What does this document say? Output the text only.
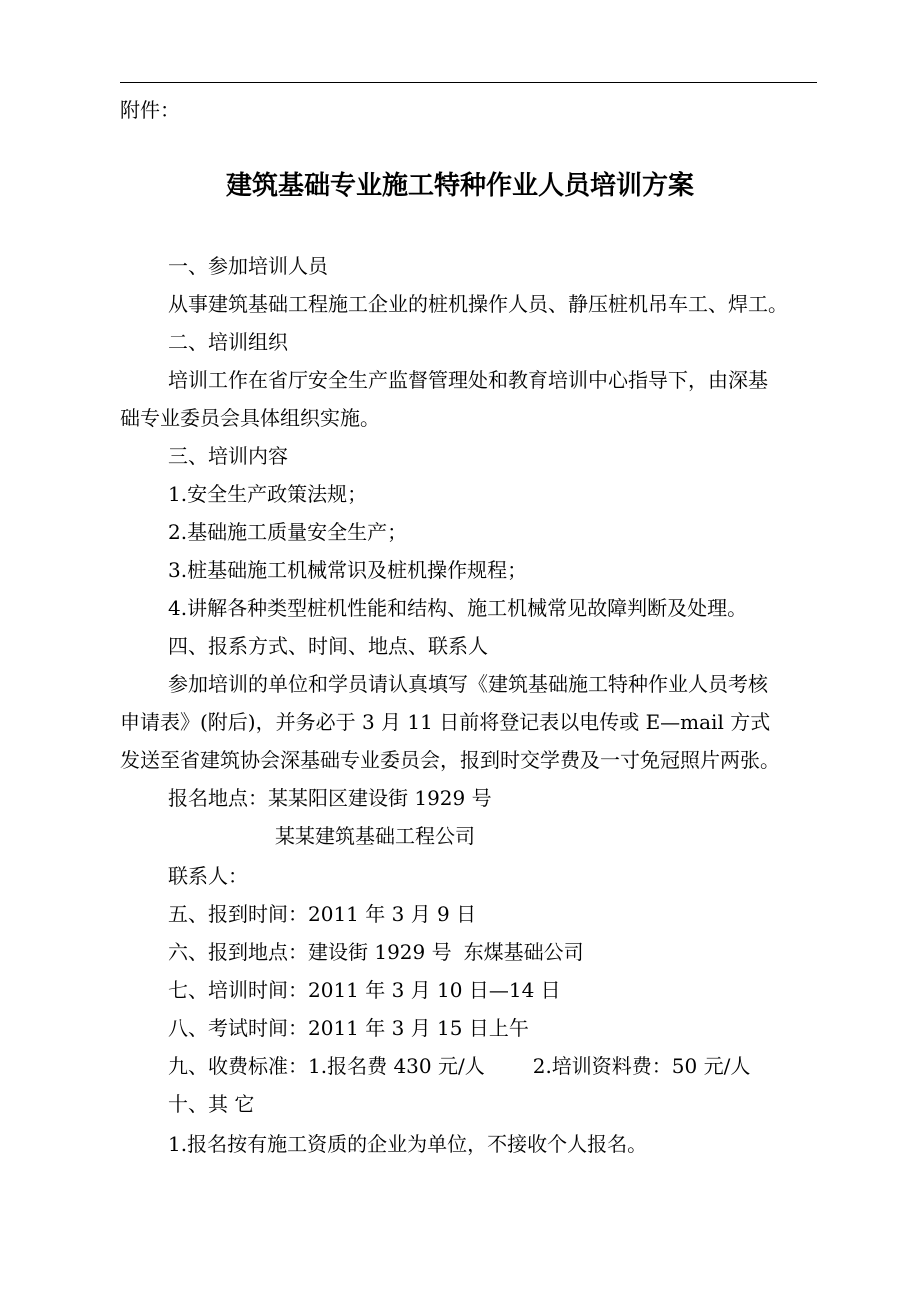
附件：
建筑基础专业施工特种作业人员培训方案
一、参加培训人员
从事建筑基础工程施工企业的桩机操作人员、静压桩机吊车工、焊工。
二、培训组织
培训工作在省厅安全生产监督管理处和教育培训中心指导下，由深基
础专业委员会具体组织实施。
三、培训内容
1.安全生产政策法规；
2.基础施工质量安全生产；
3.桩基础施工机械常识及桩机操作规程；
4.讲解各种类型桩机性能和结构、施工机械常见故障判断及处理。
四、报系方式、时间、地点、联系人
参加培训的单位和学员请认真填写《建筑基础施工特种作业人员考核
申请表》(附后)，并务必于 3 月 11 日前将登记表以电传或 E—mail 方式
发送至省建筑协会深基础专业委员会，报到时交学费及一寸免冠照片两张。
报名地点：某某阳区建设街 1929 号
某某建筑基础工程公司
联系人：
五、报到时间：2011 年 3 月 9 日
六、报到地点：建设街 1929 号 东煤基础公司
七、培训时间：2011 年 3 月 10 日—14 日
八、考试时间：2011 年 3 月 15 日上午
九、收费标准：1.报名费 430 元/人 2.培训资料费：50 元/人
十、其 它
1.报名按有施工资质的企业为单位，不接收个人报名。
